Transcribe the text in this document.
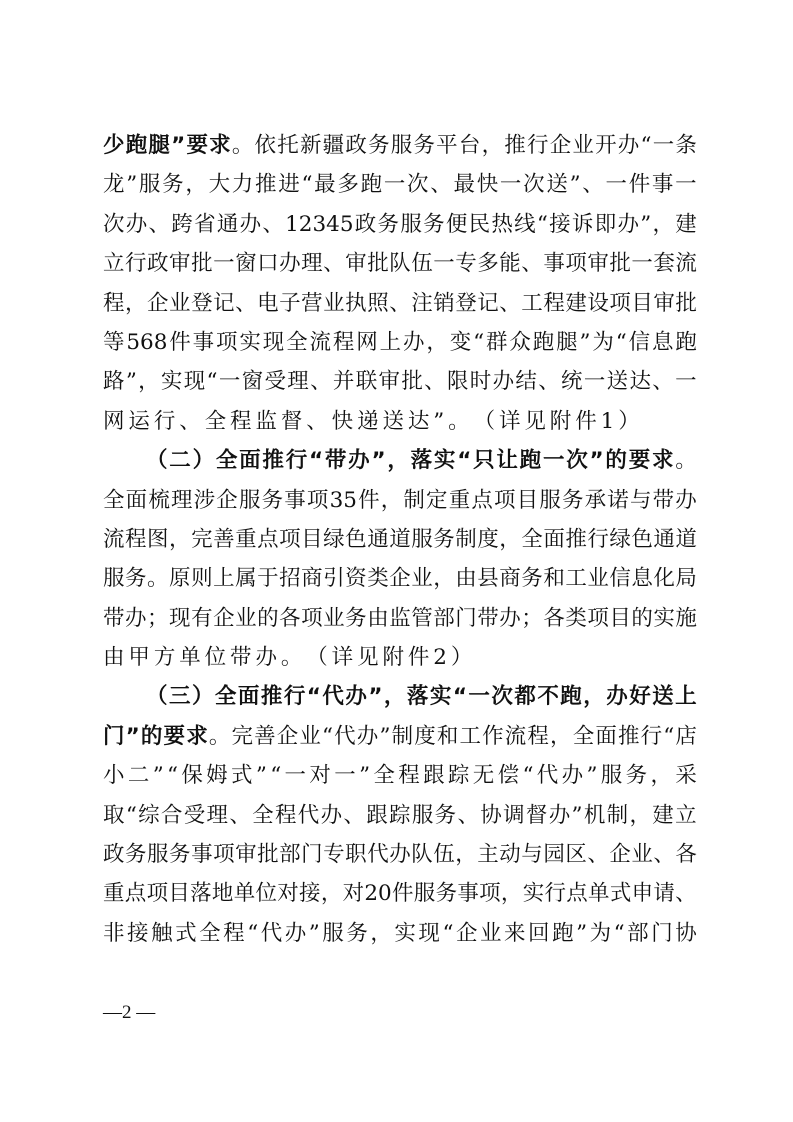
少 跑 腿 ” 要 求 。 依 托 新 疆 政 务 服 务 平 台 ， 推 行 企 业 开 办 “ 一 条
龙 ” 服 务 ， 大 力 推 进 “ 最 多 跑 一 次 、 最 快 一 次 送 ” 、 一 件 事 一
次 办 、 跨 省 通 办 、 12345 政 务 服 务 便 民 热 线 “ 接 诉 即 办 ” ， 建
立 行 政 审 批 一 窗 口 办 理 、 审 批 队 伍 一 专 多 能 、 事 项 审 批 一 套 流
程 ， 企 业 登 记 、 电 子 营 业 执 照 、 注 销 登 记 、 工 程 建 设 项 目 审 批
等 568 件 事 项 实 现 全 流 程 网 上 办 ， 变 “ 群 众 跑 腿 ” 为 “ 信 息 跑
路 ” ， 实 现 “ 一 窗 受 理 、 并 联 审 批 、 限 时 办 结 、 统 一 送 达 、 一
网 运 行 、 全 程 监 督 、 快 递 送 达 ” 。 （ 详 见 附 件 1 ）
（ 二 ） 全 面 推 行 “ 带 办 ” ， 落 实 “ 只 让 跑 一 次 ” 的 要 求 。
全 面 梳 理 涉 企 服 务 事 项 35 件 ， 制 定 重 点 项 目 服 务 承 诺 与 带 办
流 程 图 ， 完 善 重 点 项 目 绿 色 通 道 服 务 制 度 ， 全 面 推 行 绿 色 通 道
服 务 。 原 则 上 属 于 招 商 引 资 类 企 业 ， 由 县 商 务 和 工 业 信 息 化 局
带 办 ； 现 有 企 业 的 各 项 业 务 由 监 管 部 门 带 办 ； 各 类 项 目 的 实 施
由 甲 方 单 位 带 办 。 （ 详 见 附 件 2 ）
（ 三 ） 全 面 推 行 “ 代 办 ” ， 落 实 “ 一 次 都 不 跑 ， 办 好 送 上
门 ” 的 要 求 。 完 善 企 业 “ 代 办 ” 制 度 和 工 作 流 程 ， 全 面 推 行 “ 店
小 二 ” “ 保 姆 式 ” “ 一 对 一 ” 全 程 跟 踪 无 偿 “ 代 办 ” 服 务 ， 采
取 “ 综 合 受 理 、 全 程 代 办 、 跟 踪 服 务 、 协 调 督 办 ” 机 制 ， 建 立
政 务 服 务 事 项 审 批 部 门 专 职 代 办 队 伍 ， 主 动 与 园 区 、 企 业 、 各
重 点 项 目 落 地 单 位 对 接 ， 对 20 件 服 务 事 项 ， 实 行 点 单 式 申 请 、
非 接 触 式 全 程 “ 代 办 ” 服 务 ， 实 现 “ 企 业 来 回 跑 ” 为 “ 部 门 协
—2 —
